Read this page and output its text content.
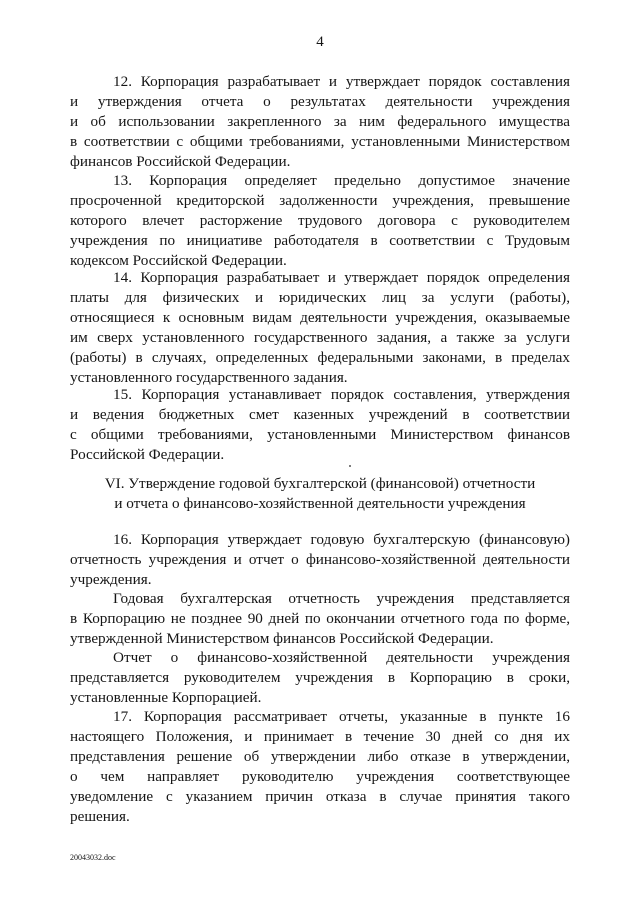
4
12. Корпорация разрабатывает и утверждает порядок составления
и утверждения отчета о результатах деятельности учреждения
и об использовании закрепленного за ним федерального имущества
в соответствии с общими требованиями, установленными Министерством
финансов Российской Федерации.
13. Корпорация определяет предельно допустимое значение
просроченной кредиторской задолженности учреждения, превышение
которого влечет расторжение трудового договора с руководителем
учреждения по инициативе работодателя в соответствии с Трудовым
кодексом Российской Федерации.
14. Корпорация разрабатывает и утверждает порядок определения
платы для физических и юридических лиц за услуги (работы),
относящиеся к основным видам деятельности учреждения, оказываемые
им сверх установленного государственного задания, а также за услуги
(работы) в случаях, определенных федеральными законами, в пределах
установленного государственного задания.
15. Корпорация устанавливает порядок составления, утверждения
и ведения бюджетных смет казенных учреждений в соответствии
с общими требованиями, установленными Министерством финансов
Российской Федерации.
16. Корпорация утверждает годовую бухгалтерскую (финансовую)
отчетность учреждения и отчет о финансово-хозяйственной деятельности
учреждения.
Годовая бухгалтерская отчетность учреждения представляется
в Корпорацию не позднее 90 дней по окончании отчетного года по форме,
утвержденной Министерством финансов Российской Федерации.
Отчет о финансово-хозяйственной деятельности учреждения
представляется руководителем учреждения в Корпорацию в сроки,
установленные Корпорацией.
17. Корпорация рассматривает отчеты, указанные в пункте 16
настоящего Положения, и принимает в течение 30 дней со дня их
представления решение об утверждении либо отказе в утверждении,
о чем направляет руководителю учреждения соответствующее
уведомление с указанием причин отказа в случае принятия такого
решения.
VI. Утверждение годовой бухгалтерской (финансовой) отчетности
и отчета о финансово-хозяйственной деятельности учреждения
20043032.doc
